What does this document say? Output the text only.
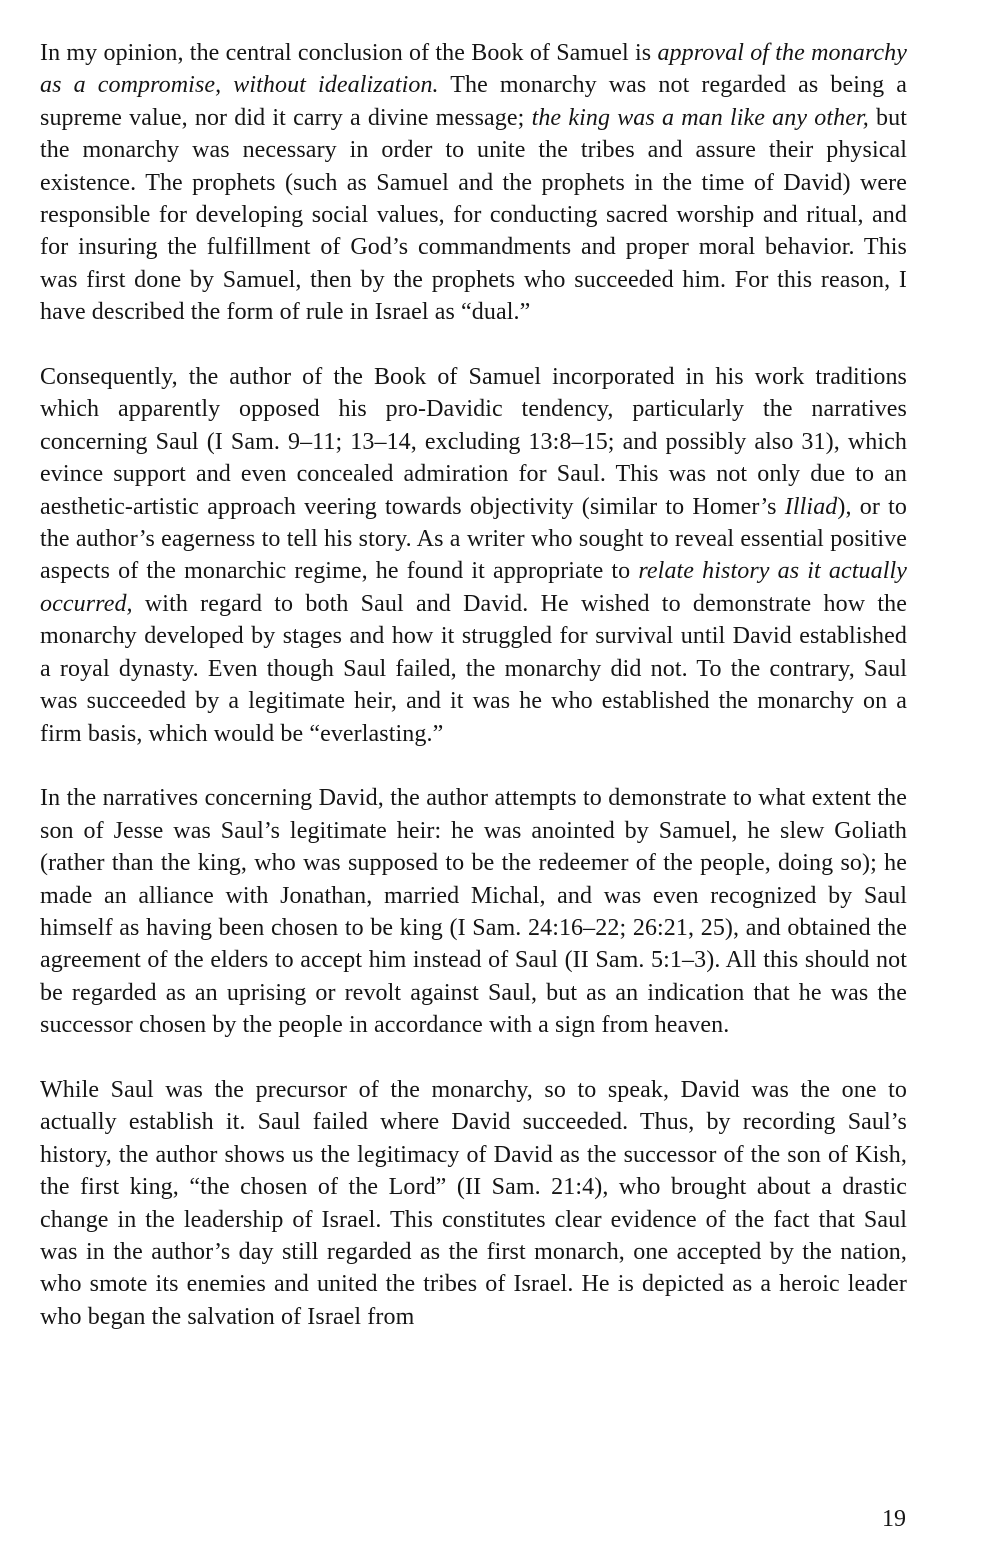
In my opinion, the central conclusion of the Book of Samuel is approval of the monarchy as a compromise, without idealization. The monarchy was not regarded as being a supreme value, nor did it carry a divine message; the king was a man like any other, but the monarchy was necessary in order to unite the tribes and assure their physical existence. The prophets (such as Samuel and the prophets in the time of David) were responsible for developing social values, for conducting sacred worship and ritual, and for insuring the fulfillment of God’s commandments and proper moral behavior. This was first done by Samuel, then by the prophets who succeeded him. For this reason, I have described the form of rule in Israel as “dual.”

Consequently, the author of the Book of Samuel incorporated in his work traditions which apparently opposed his pro-Davidic tendency, particularly the narratives concerning Saul (I Sam. 9–11; 13–14, excluding 13:8–15; and possibly also 31), which evince support and even concealed admiration for Saul. This was not only due to an aesthetic-artistic approach veering towards objectivity (similar to Homer’s Illiad), or to the author’s eagerness to tell his story. As a writer who sought to reveal essential positive aspects of the monarchic regime, he found it appropriate to relate history as it actually occurred, with regard to both Saul and David. He wished to demonstrate how the monarchy developed by stages and how it struggled for survival until David established a royal dynasty. Even though Saul failed, the monarchy did not. To the contrary, Saul was succeeded by a legitimate heir, and it was he who established the monarchy on a firm basis, which would be “everlasting.”

In the narratives concerning David, the author attempts to demonstrate to what extent the son of Jesse was Saul’s legitimate heir: he was anointed by Samuel, he slew Goliath (rather than the king, who was supposed to be the redeemer of the people, doing so); he made an alliance with Jonathan, married Michal, and was even recognized by Saul himself as having been chosen to be king (I Sam. 24:16–22; 26:21, 25), and obtained the agreement of the elders to accept him instead of Saul (II Sam. 5:1–3). All this should not be regarded as an uprising or revolt against Saul, but as an indication that he was the successor chosen by the people in accordance with a sign from heaven.

While Saul was the precursor of the monarchy, so to speak, David was the one to actually establish it. Saul failed where David succeeded. Thus, by recording Saul’s history, the author shows us the legitimacy of David as the successor of the son of Kish, the first king, “the chosen of the Lord” (II Sam. 21:4), who brought about a drastic change in the leadership of Israel. This constitutes clear evidence of the fact that Saul was in the author’s day still regarded as the first monarch, one accepted by the nation, who smote its enemies and united the tribes of Israel. He is depicted as a heroic leader who began the salvation of Israel from

19
